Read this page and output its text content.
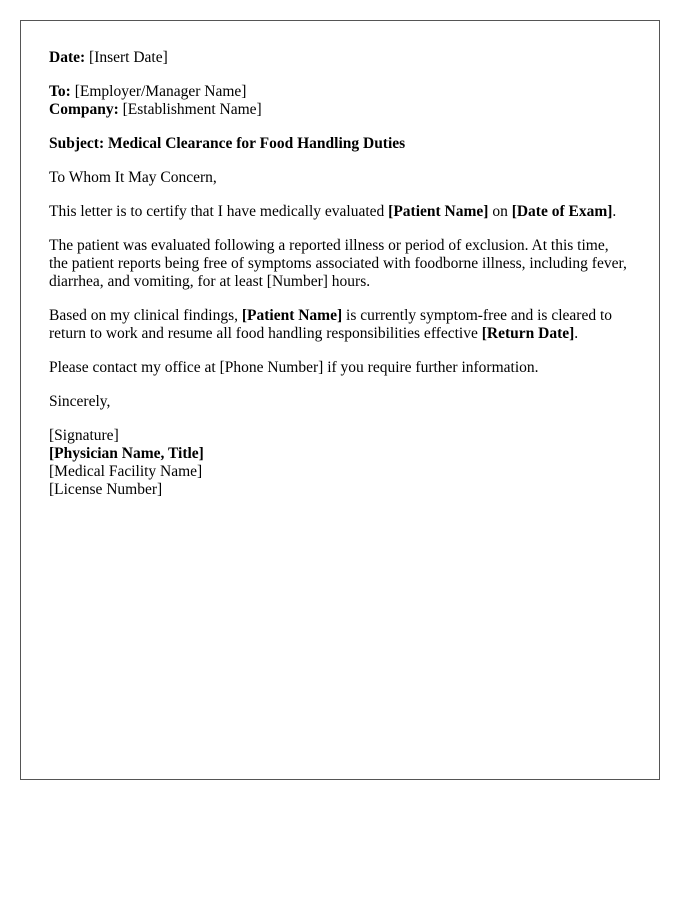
Date: [Insert Date]

To: [Employer/Manager Name]
Company: [Establishment Name]

Subject: Medical Clearance for Food Handling Duties

To Whom It May Concern,

This letter is to certify that I have medically evaluated [Patient Name] on [Date of Exam].

The patient was evaluated following a reported illness or period of exclusion. At this time, the patient reports being free of symptoms associated with foodborne illness, including fever, diarrhea, and vomiting, for at least [Number] hours.

Based on my clinical findings, [Patient Name] is currently symptom-free and is cleared to return to work and resume all food handling responsibilities effective [Return Date].

Please contact my office at [Phone Number] if you require further information.

Sincerely,

[Signature]
[Physician Name, Title]
[Medical Facility Name]
[License Number]
